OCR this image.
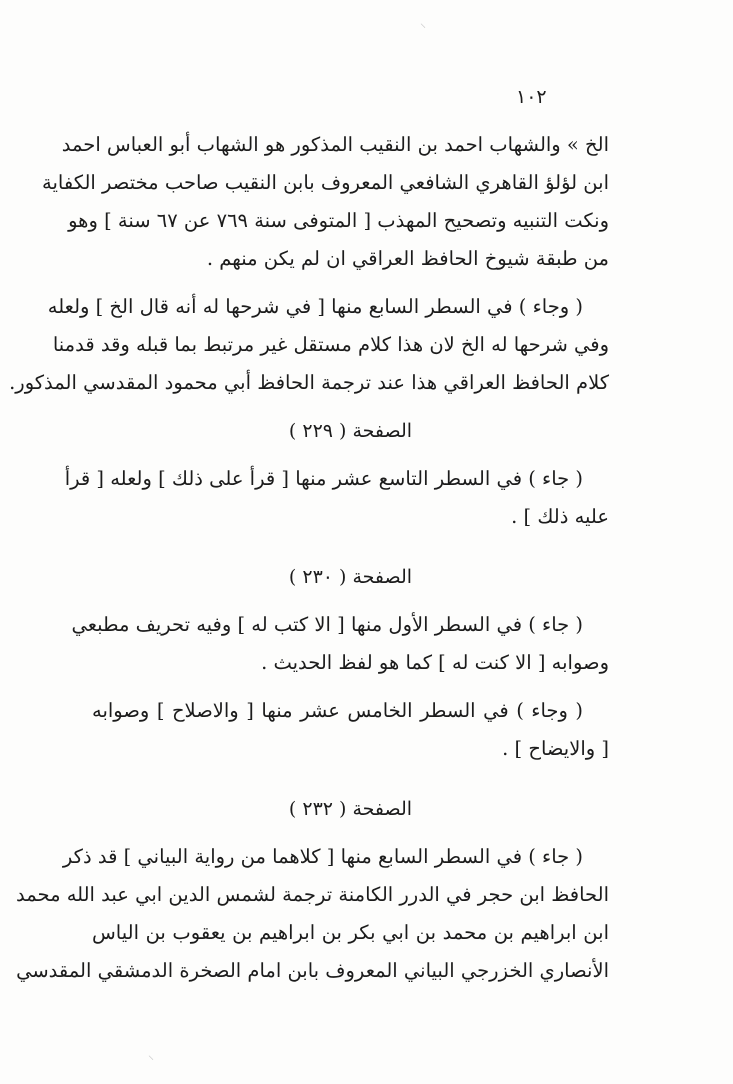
⸜
⸜
١٠٢
الخ » والشهاب احمد بن النقيب المذكور هو الشهاب أبو العباس احمد
ابن لؤلؤ القاهري الشافعي المعروف بابن النقيب صاحب مختصر الكفاية
ونكت التنبيه وتصحيح المهذب [ المتوفى سنة ٧٦٩ عن ٦٧ سنة ] وهو
من طبقة شيوخ الحافظ العراقي ان لم يكن منهم .
( وجاء ) في السطر السابع منها [ في شرحها له أنه قال الخ ] ولعله
وفي شرحها له الخ لان هذا كلام مستقل غير مرتبط بما قبله وقد قدمنا
كلام الحافظ العراقي هذا عند ترجمة الحافظ أبي محمود المقدسي المذكور.
الصفحة ( ٢٢٩ )
( جاء ) في السطر التاسع عشر منها [ قرأ على ذلك ] ولعله [ قرأ
عليه ذلك ] .
الصفحة ( ٢٣٠ )
( جاء ) في السطر الأول منها [ الا كتب له ] وفيه تحريف مطبعي
وصوابه [ الا كنت له ] كما هو لفظ الحديث .
( وجاء ) في السطر الخامس عشر منها [ والاصلاح ] وصوابه
[ والايضاح ] .
الصفحة ( ٢٣٢ )
( جاء ) في السطر السابع منها [ كلاهما من رواية البياني ] قد ذكر
الحافظ ابن حجر في الدرر الكامنة ترجمة لشمس الدين ابي عبد الله محمد
ابن ابراهيم بن محمد بن ابي بكر بن ابراهيم بن يعقوب بن الياس
الأنصاري الخزرجي البياني المعروف بابن امام الصخرة الدمشقي المقدسي
